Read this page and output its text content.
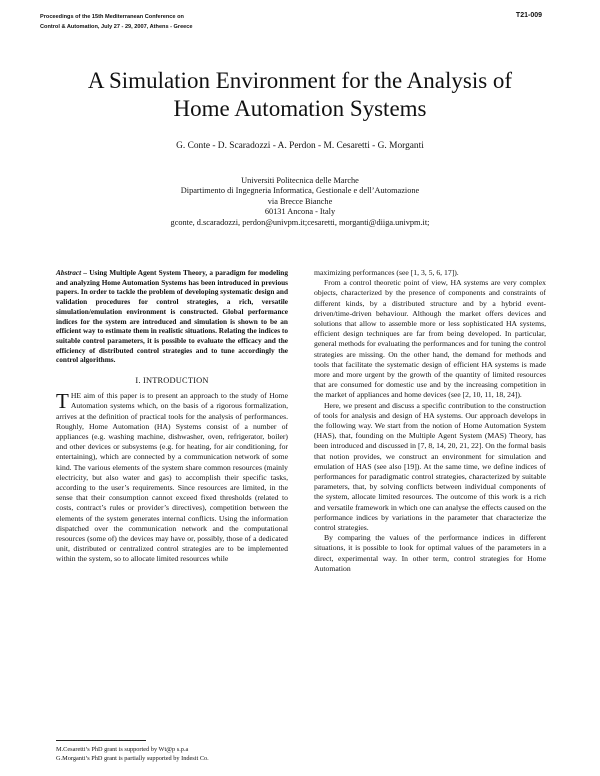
Proceedings of the 15th Mediterranean Conference on
Control & Automation, July 27 - 29, 2007, Athens - Greece
T21-009
A Simulation Environment for the Analysis of
Home Automation Systems
G. Conte - D. Scaradozzi - A. Perdon - M. Cesaretti - G. Morganti
Universiti Politecnica delle Marche
Dipartimento di Ingegneria Informatica, Gestionale e dell’Automazione
via Brecce Bianche
60131 Ancona - Italy
gconte, d.scaradozzi, perdon@univpm.it;cesaretti, morganti@diiga.univpm.it;

Abstract – Using Multiple Agent System Theory, a paradigm for modeling and analyzing Home Automation Systems has been introduced in previous papers. In order to tackle the problem of developing systematic design and validation procedures for control strategies, a rich, versatile simulation/emulation environment is constructed. Global performance indices for the system are introduced and simulation is shown to be an efficient way to estimate them in realistic situations. Relating the indices to suitable control parameters, it is possible to evaluate the efficacy and the efficiency of distributed control strategies and to tune accordingly the control algorithms.

I. INTRODUCTION

THE aim of this paper is to present an approach to the study of Home Automation systems which, on the basis of a rigorous formalization, arrives at the definition of practical tools for the analysis of performances. Roughly, Home Automation (HA) Systems consist of a number of appliances (e.g. washing machine, dishwasher, oven, refrigerator, boiler) and other devices or subsystems (e.g. for heating, for air conditioning, for entertaining), which are connected by a communication network of some kind. The various elements of the system share common resources (mainly electricity, but also water and gas) to accomplish their specific tasks, according to the user’s requirements. Since resources are limited, in the sense that their consumption cannot exceed fixed thresholds (related to costs, contract’s rules or provider’s directives), competition between the elements of the system generates internal conflicts. Using the information dispatched over the communication network and the computational resources (some of) the devices may have or, possibly, those of a dedicated unit, distributed or centralized control strategies are to be implemented within the system, so to allocate limited resources while

maximizing performances (see [1, 3, 5, 6, 17]).

From a control theoretic point of view, HA systems are very complex objects, characterized by the presence of components and constraints of different kinds, by a distributed structure and by a hybrid event-driven/time-driven behaviour. Although the market offers devices and solutions that allow to assemble more or less sophisticated HA systems, efficient design techniques are far from being developed. In particular, general methods for evaluating the performances and for tuning the control strategies are missing. On the other hand, the demand for methods and tools that facilitate the systematic design of efficient HA systems is made more and more urgent by the growth of the quantity of limited resources that are consumed for domestic use and by the increasing competition in the market of appliances and home devices (see [2, 10, 11, 18, 24]).

Here, we present and discuss a specific contribution to the construction of tools for analysis and design of HA systems. Our approach develops in the following way. We start from the notion of Home Automation System (HAS), that, founding on the Multiple Agent System (MAS) Theory, has been introduced and discussed in [7, 8, 14, 20, 21, 22]. On the formal basis that notion provides, we construct an environment for simulation and emulation of HAS (see also [19]). At the same time, we define indices of performances for paradigmatic control strategies, characterized by suitable parameters, that, by solving conflicts between individual components of the system, allocate limited resources. The outcome of this work is a rich and versatile framework in which one can analyse the effects caused on the performance indices by variations in the parameter that characterize the control strategies.

By comparing the values of the performance indices in different situations, it is possible to look for optimal values of the parameters in a direct, experimental way. In other term, control strategies for Home Automation

M.Cesaretti’s PhD grant is supported by Wt@p s.p.a
G.Morganti’s PhD grant is partially supported by Indesit Co.
